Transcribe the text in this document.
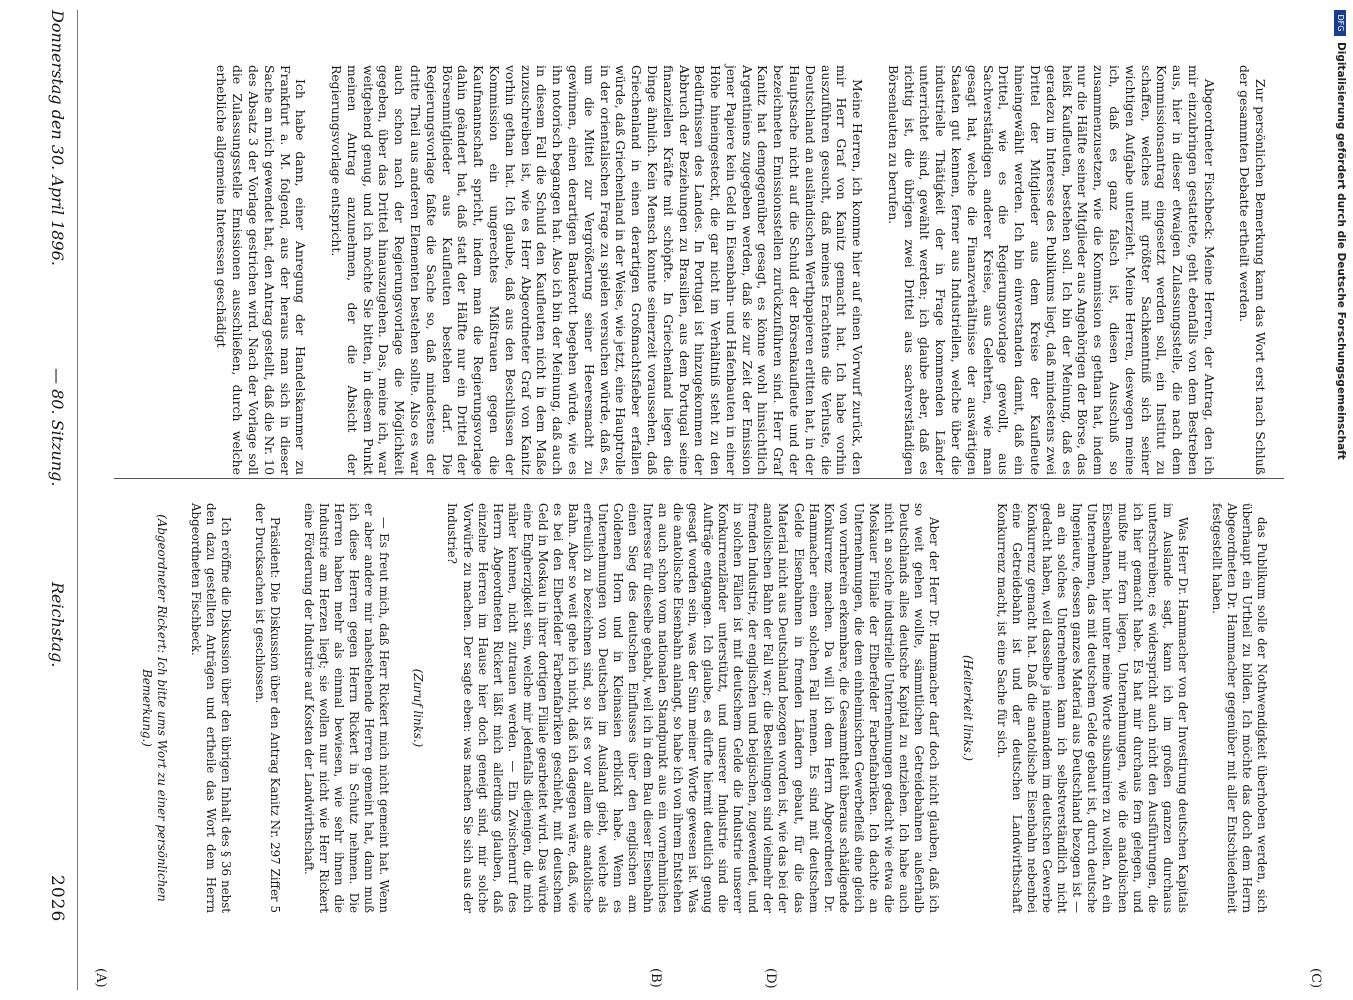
2026
Reichstag.
— 80. Sitzung.
Donnerstag den 30. April 1896.
(A)	(B)	(C)
(D)

das Publikum solle der Nothwendigkeit überhoben werden, sich überhaupt ein Urtheil zu bilden. Ich möchte das doch dem Herrn Abgeordneten Dr. Hammacher gegenüber mit aller Entschiedenheit festgestellt haben.

Was Herr Dr. Hammacher von der Investirung deutschen Kapitals im Auslande sagt, kann ich im großen ganzen durchaus unterschreiben; es widerspricht auch nicht den Ausführungen, die ich hier gemacht habe. Es hat mir durchaus fern gelegen, und mußte mir fern liegen, Unternehmungen, wie die anatolischen Eisenbahnen, hier unter meine Worte subsumiren zu wollen. An ein Unternehmen, das mit deutschem Gelde gebaut ist, durch deutsche Ingenieure, dessen ganzes Material aus Deutschland bezogen ist — an ein solches Unternehmen kann ich selbstverständlich nicht gedacht haben, weil dasselbe ja niemandem im deutschen Gewerbe Konkurrenz gemacht hat. Daß die anatolische Eisenbahn nebenbei eine Getreidebahn ist und der deutschen Landwirthschaft Konkurrenz macht, ist eine Sache für sich.

(Heiterkeit links.)

Aber der Herr Dr. Hammacher darf doch nicht glauben, daß ich so weit gehen wollte, sämmtlichen Getreidebahnen außerhalb Deutschlands alles deutsche Kapital zu entziehen. Ich habe auch nicht an solche industrielle Unternehmungen gedacht wie etwa die Moskauer Filiale der Elberfelder Farbenfabriken. Ich dachte an Unternehmungen, die dem einheimischen Gewerbefleiß eine gleich von vornherein erkennbare, die Gesammtheit überaus schädigende Konkurrenz machen. Da will ich dem Herrn Abgeordneten Dr. Hammacher einen solchen Fall nennen. Es sind mit deutschem Gelde Eisenbahnen in fremden Ländern gebaut, für die das Material nicht aus Deutschland bezogen worden ist, wie das bei der anatolischen Bahn der Fall war; die Bestellungen sind vielmehr der fremden Industrie, der englischen und belgischen, zugewendet, und in solchen Fällen ist mit deutschem Gelde die Industrie unserer Konkurrenzländer unterstützt, und unserer Industrie sind die Aufträge entgangen. Ich glaube, es dürfte hiermit deutlich genug gesagt worden sein, was der Sinn meiner Worte gewesen ist. Was die anatolische Eisenbahn anlangt, so habe ich von ihrem Entstehen an auch schon vom nationalen Standpunkt aus ein vornehmliches Interesse für dieselbe gehabt, weil ich in dem Bau dieser Eisenbahn einen Sieg des deutschen Einflusses über den englischen am Goldenen Horn und in Kleinasien erblickt habe. Wenn es Unternehmungen von Deutschen im Ausland giebt, welche als erfreulich zu bezeichnen sind, so ist es vor allem die anatolische Bahn. Aber so weit gehe ich nicht, daß ich dagegen wäre, daß, wie es bei den Elberfelder Farbenfabriken geschieht, mit deutschem Geld in Moskau in ihrer dortigen Filiale gearbeitet wird. Das würde eine Engherzigkeit sein, welche mir jedenfalls diejenigen, die mich näher kennen, nicht zutrauen werden. — Ein Zwischenruf des Herrn Abgeordneten Rickert läßt mich allerdings glauben, daß einzelne Herren im Hause hier doch geneigt sind, mir solche Vorwürfe zu machen. Der sagte eben: was machen Sie sich aus der Industrie?

(Zuruf links.)

— Es freut mich, daß Herr Rickert mich nicht gemeint hat. Wenn er aber andere mir nahestehende Herren gemeint hat, dann muß ich diese Herren gegen Herrn Rickert in Schutz nehmen. Die Herren haben mehr als einmal bewiesen, wie sehr ihnen die Industrie am Herzen liegt; sie wollen nur nicht wie Herr Rickert eine Förderung der Industrie auf Kosten der Landwirthschaft.

Präsident: Die Diskussion über den Antrag Kanitz Nr. 297 Ziffer 5 der Drucksachen ist geschlossen.

Ich eröffne die Diskussion über den übrigen Inhalt des § 36 nebst den dazu gestellten Anträgen und ertheile das Wort dem Herrn Abgeordneten Fischbeck.

(Abgeordneter Rickert: Ich bitte ums Wort zu einer persönlichen Bemerkung.)

Zur persönlichen Bemerkung kann das Wort erst nach Schluß der gesammten Debatte ertheilt werden.

Abgeordneter Fischbeck: Meine Herren, der Antrag, den ich mir einzubringen gestattete, geht ebenfalls von dem Bestreben aus, hier in dieser etwaigen Zulassungsstelle, die nach dem Kommissionsantrag eingesetzt werden soll, ein Institut zu schaffen, welches mit größter Sachkenntniß sich seiner wichtigen Aufgabe unterzieht. Meine Herren, deswegen meine ich, daß es ganz falsch ist, diesen Ausschuß so zusammenzusetzen, wie die Kommission es gethan hat, indem nur die Hälfte seiner Mitglieder aus Angehörigen der Börse, das heißt Kaufleuten, bestehen soll. Ich bin der Meinung, daß es geradezu im Interesse des Publikums liegt, daß mindestens zwei Drittel der Mitglieder aus dem Kreise der Kaufleute hineingewählt werden. Ich bin einverstanden damit, daß ein Drittel, wie es die Regierungsvorlage gewollt, aus Sachverständigen anderer Kreise, aus Gelehrten, wie man gesagt hat, welche die Finanzverhältnisse der auswärtigen Staaten gut kennen, ferner aus Industriellen, welche über die industrielle Thätigkeit der in Frage kommenden Länder unterrichtet sind, gewählt werden; ich glaube aber, daß es richtig ist, die übrigen zwei Drittel aus sachverständigen Börsenleuten zu berufen.

Meine Herren, ich komme hier auf einen Vorwurf zurück, den mir Herr Graf von Kanitz gemacht hat. Ich habe vorhin auszuführen gesucht, daß meines Erachtens die Verluste, die Deutschland an ausländischen Werthpapieren erlitten hat, in der Hauptsache nicht auf die Schuld der Börsenkaufleute und der bezeichneten Emissionsstellen zurückzuführen sind. Herr Graf Kanitz hat demgegenüber gesagt, es könne wohl hinsichtlich Argentiniens zugegeben werden, daß sie zur Zeit der Emission jener Papiere kein Geld in Eisenbahn- und Hafenbauten in einer Höhe hineingesteckt, die gar nicht im Verhältniß steht zu den Bedürfnissen des Landes. In Portugal ist hinzugekommen der Abbruch der Beziehungen zu Brasilien, aus dem Portugal seine finanziellen Kräfte mit schöpfte. In Griechenland liegen die Dinge ähnlich. Kein Mensch konnte seinerzeit voraussehen, daß Griechenland in einen derartigen Großmachtsfieber erfallen würde, daß Griechenland in der Weise, wie jetzt, eine Hauptrolle in der orientalischen Frage zu spielen versuchen würde, daß es, um die Mittel zur Vergrößerung seiner Heeresmacht zu gewinnen, einen derartigen Bankerott begehen würde, wie es ihn notorisch begangen hat. Also ich bin der Meinung, daß auch in diesem Fall die Schuld den Kaufleuten nicht in dem Maße zuzuschreiben ist, wie es Herr Abgeordneter Graf von Kanitz vorhin gethan hat. Ich glaube, daß aus den Beschlüssen der Kommission ein ungerechtes Mißtrauen gegen die Kaufmannschaft spricht, indem man die Regierungsvorlage dahin geändert hat, daß statt der Hälfte nur ein Drittel der Börsenmitglieder aus Kaufleuten bestehen darf. Die Regierungsvorlage faßte die Sache so, daß mindestens der dritte Theil aus anderen Elementen bestehen sollte. Also es war auch schon nach der Regierungsvorlage die Möglichkeit gegeben, über das Drittel hinauszugehen. Das, meine ich, war weitgehend genug, und ich möchte Sie bitten, in diesem Punkt meinen Antrag anzunehmen, der die Absicht der Regierungsvorlage entspricht.

Ich habe dann, einer Anregung der Handelskammer zu Frankfurt a. M. folgend, aus der heraus man sich in dieser Sache an mich gewendet hat, den Antrag gestellt, daß die Nr. 10 des Absatz 3 der Vorlage gestrichen wird. Nach der Vorlage soll die Zulassungsstelle Emissionen ausschließen, durch welche erhebliche allgemeine Interessen geschädigt

DFG
Digitalisierung gefördert durch die Deutsche Forschungsgemeinschaft
